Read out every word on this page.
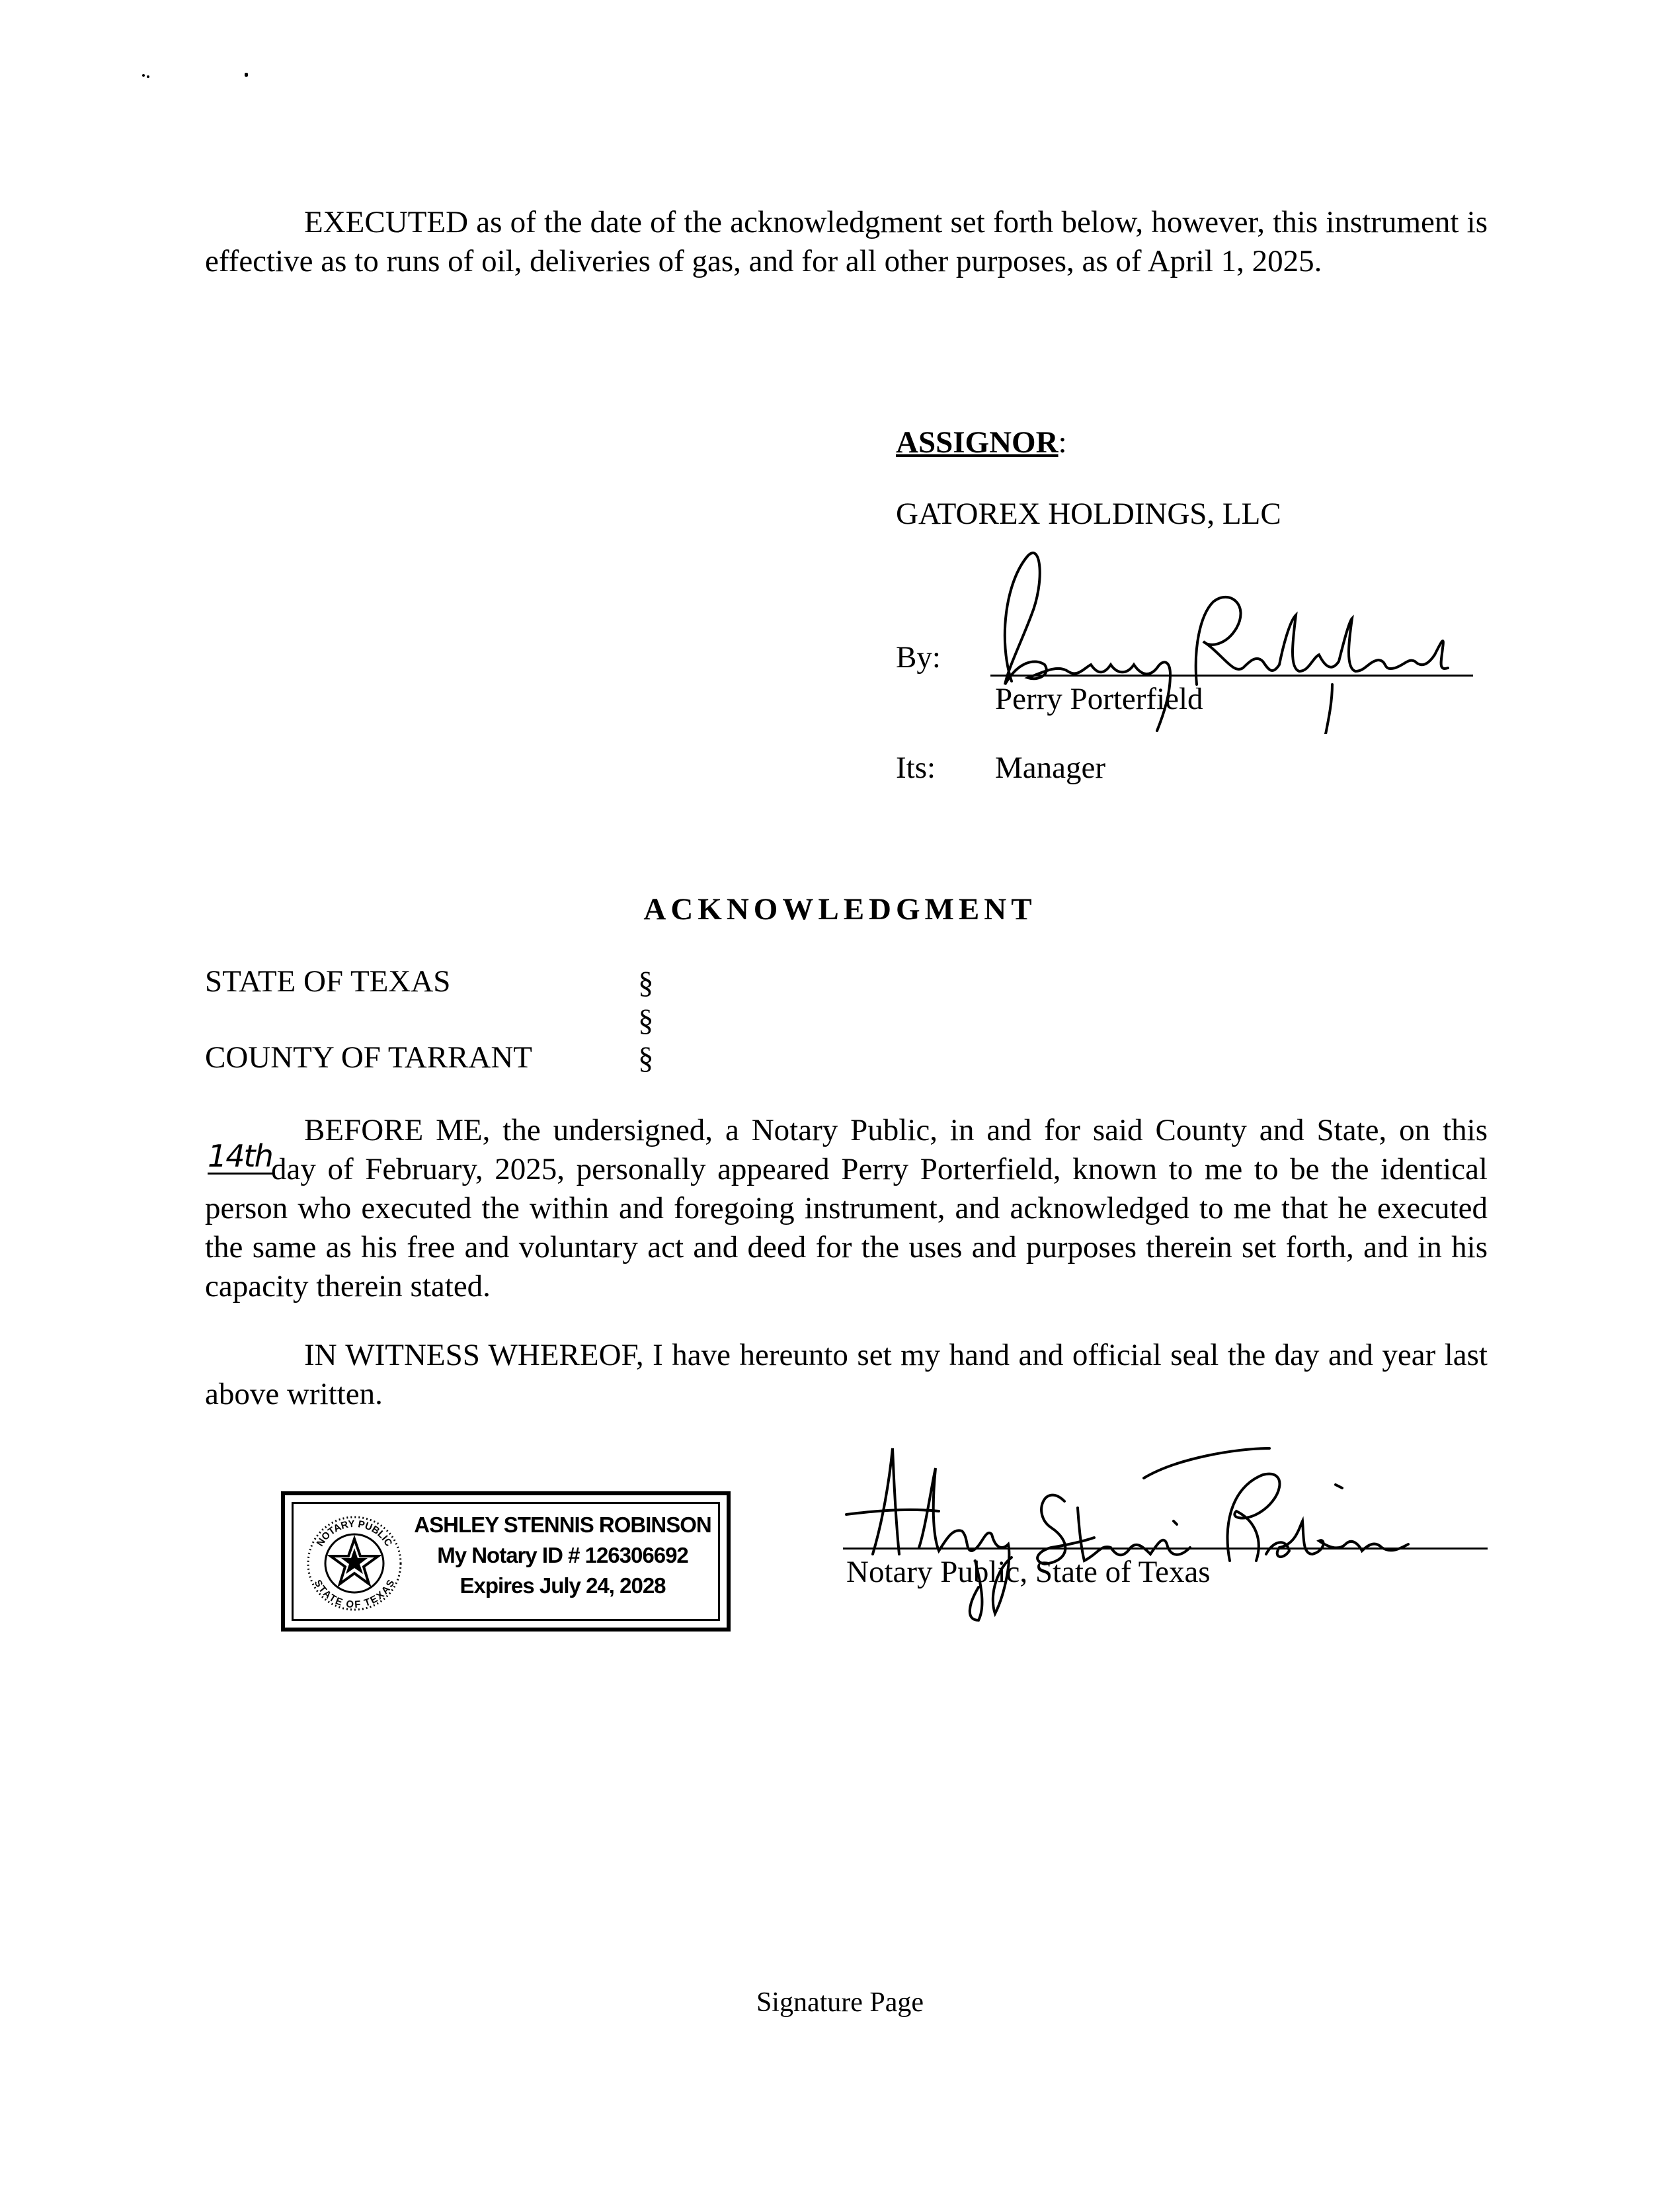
EXECUTED as of the date of the acknowledgment set forth below, however, this instrument is effective as to runs of oil, deliveries of gas, and for all other purposes, as of April 1, 2025.
ASSIGNOR:
GATOREX HOLDINGS, LLC
By:
Perry Porterfield
Its: Manager
ACKNOWLEDGMENT
STATE OF TEXAS
COUNTY OF TARRANT
§
§
§
BEFORE ME, the undersigned, a Notary Public, in and for said County and State, on this
14th
day of February, 2025, personally appeared Perry Porterfield, known to me to be the identical person who executed the within and foregoing instrument, and acknowledged to me that he executed the same as his free and voluntary act and deed for the uses and purposes therein set forth, and in his capacity therein stated.
IN WITNESS WHEREOF, I have hereunto set my hand and official seal the day and year last above written.
NOTARY PUBLIC
STATE OF TEXAS
ASHLEY STENNIS ROBINSON
My Notary ID # 126306692
Expires July 24, 2028	Notary Public, State of Texas
Signature Page
